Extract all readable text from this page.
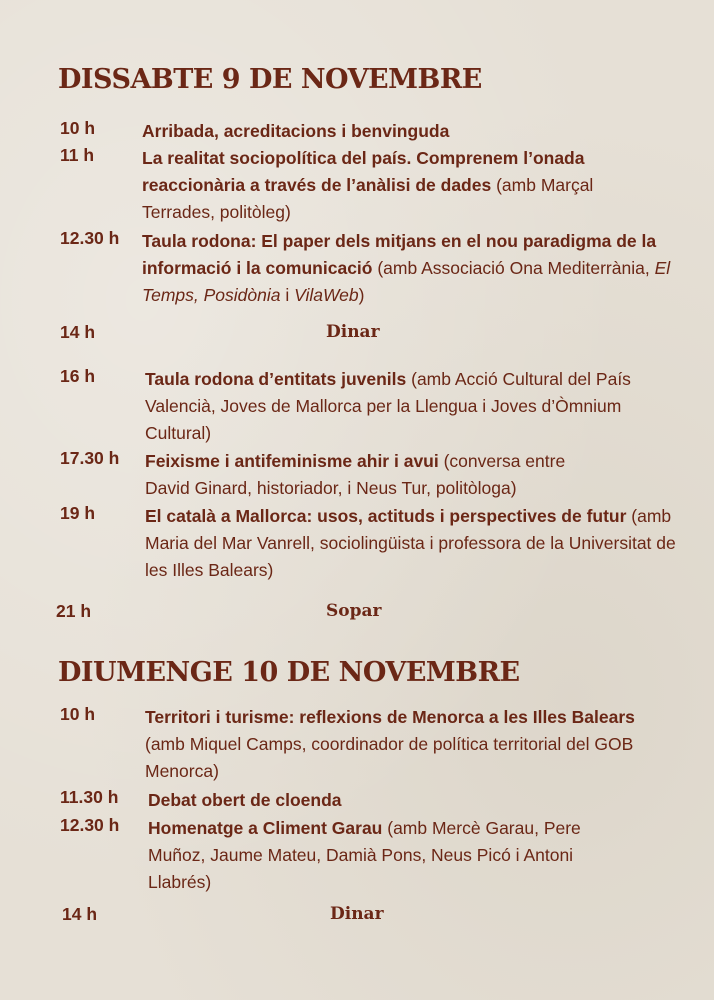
DISSABTE 9 DE NOVEMBRE
10 h	Arribada, acreditacions i benvinguda
11 h	La realitat sociopolítica del país. Comprenem l’onada reaccionària a través de l’anàlisi de dades (amb Marçal Terrades, politòleg)
12.30 h Taula rodona: El paper dels mitjans en el nou paradigma de la informació i la comunicació (amb Associació Ona Mediterrània, El Temps, Posidònia i VilaWeb)
14 h	Dinar
16 h	Taula rodona d’entitats juvenils (amb Acció Cultural del País Valencià, Joves de Mallorca per la Llengua i Joves d’Òmnium Cultural)
17.30 h Feixisme i antifeminisme ahir i avui (conversa entre David Ginard, historiador, i Neus Tur, politòloga)
19 h	El català a Mallorca: usos, actituds i perspectives de futur (amb Maria del Mar Vanrell, sociolingüista i professora de la Universitat de les Illes Balears)
21 h	Sopar
DIUMENGE 10 DE NOVEMBRE
10 h	Territori i turisme: reflexions de Menorca a les Illes Balears (amb Miquel Camps, coordinador de política territorial del GOB Menorca)
11.30 h Debat obert de cloenda
12.30 h Homenatge a Climent Garau (amb Mercè Garau, Pere Muñoz, Jaume Mateu, Damià Pons, Neus Picó i Antoni Llabrés)
14 h	Dinar
